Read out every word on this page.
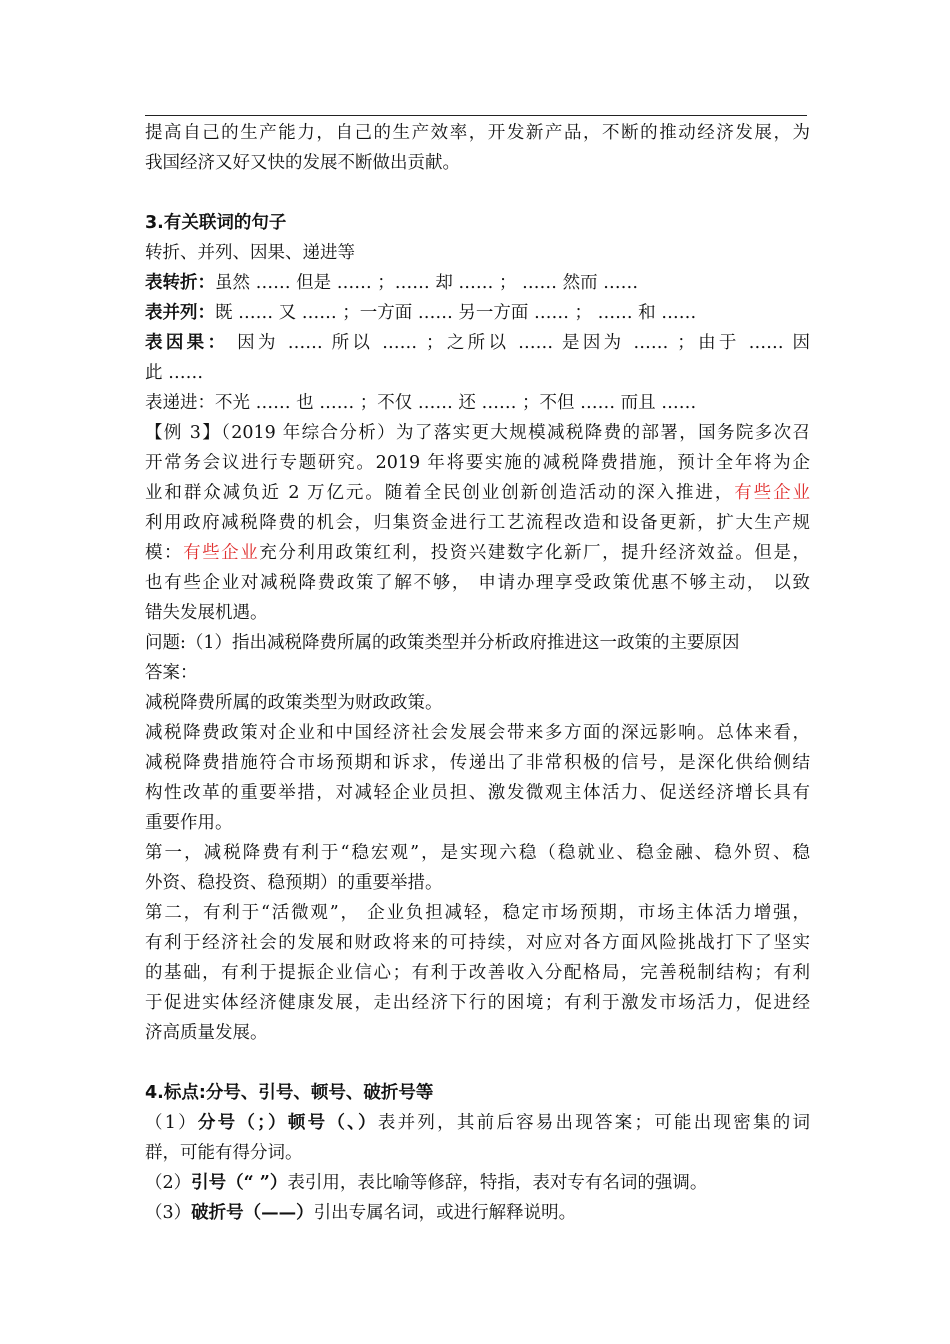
提高自己的生产能力，自己的生产效率，开发新产品，不断的推动经济发展，为
我国经济又好又快的发展不断做出贡献。
3.有关联词的句子
转折、并列、因果、递进等
表转折：虽然 …… 但是 …… ；…… 却 …… ； …… 然而 ……
表并列：既 …… 又 …… ；一方面 …… 另一方面 …… ； …… 和 ……
表因果： 因为 …… 所以 …… ；之所以 …… 是因为 …… ；由于 …… 因
此 ……
表递进：不光 …… 也 …… ；不仅 …… 还 …… ；不但 …… 而且 ……
【例 3】（2019 年综合分析）为了落实更大规模减税降费的部署，国务院多次召
开常务会议进行专题研究。2019 年将要实施的减税降费措施，预计全年将为企
业和群众减负近 2 万亿元。随着全民创业创新创造活动的深入推进，有些企业
利用政府减税降费的机会，归集资金进行工艺流程改造和设备更新，扩大生产规
模：有些企业充分利用政策红利，投资兴建数字化新厂，提升经济效益。但是，
也有些企业对减税降费政策了解不够， 申请办理享受政策优惠不够主动， 以致
错失发展机遇。
问题:（1）指出减税降费所属的政策类型并分析政府推进这一政策的主要原因
答案：
减税降费所属的政策类型为财政政策。
减税降费政策对企业和中国经济社会发展会带来多方面的深远影响。总体来看，
减税降费措施符合市场预期和诉求，传递出了非常积极的信号，是深化供给侧结
构性改革的重要举措，对减轻企业员担、激发微观主体活力、促送经济增长具有
重要作用。
第一，减税降费有利于“稳宏观”，是实现六稳（稳就业、稳金融、稳外贸、稳
外资、稳投资、稳预期）的重要举措。
第二，有利于“活微观”， 企业负担减轻，稳定市场预期，市场主体活力增强，
有利于经济社会的发展和财政将来的可持续，对应对各方面风险挑战打下了坚实
的基础，有利于提振企业信心；有利于改善收入分配格局，完善税制结构；有利
于促进实体经济健康发展，走出经济下行的困境；有利于激发市场活力，促进经
济高质量发展。
4.标点:分号、引号、顿号、破折号等
（1）分号（；）顿号（、）表并列，其前后容易出现答案；可能出现密集的词
群，可能有得分词。
（2）引号（“ ”）表引用，表比喻等修辞，特指，表对专有名词的强调。
（3）破折号（——）引出专属名词，或进行解释说明。
